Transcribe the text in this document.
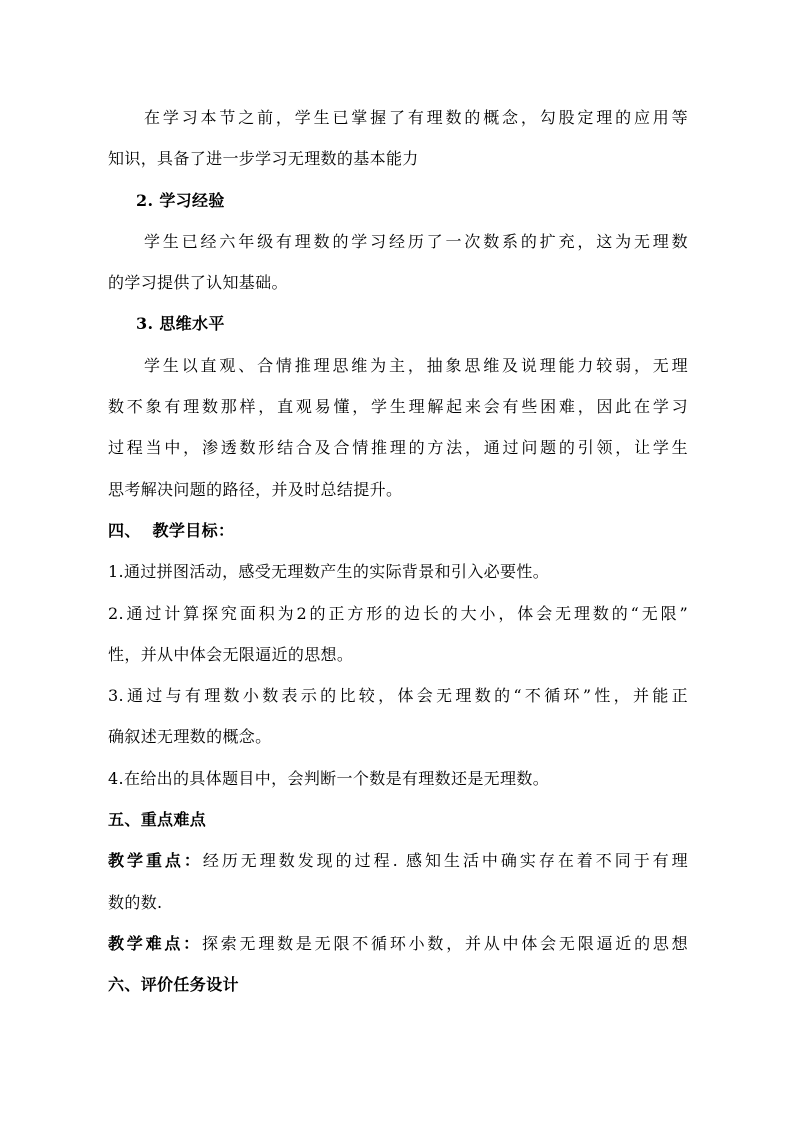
在学习本节之前，学生已掌握了有理数的概念，勾股定理的应用等
知识，具备了进一步学习无理数的基本能力
2. 学习经验
学生已经六年级有理数的学习经历了一次数系的扩充，这为无理数
的学习提供了认知基础。
3. 思维水平
学生以直观、合情推理思维为主，抽象思维及说理能力较弱，无理
数不象有理数那样，直观易懂，学生理解起来会有些困难，因此在学习
过程当中，渗透数形结合及合情推理的方法，通过问题的引领，让学生
思考解决问题的路径，并及时总结提升。
四、  教学目标：
1.通过拼图活动，感受无理数产生的实际背景和引入必要性。
2.通过计算探究面积为2的正方形的边长的大小，体会无理数的“无限”
性，并从中体会无限逼近的思想。
3.通过与有理数小数表示的比较，体会无理数的“不循环”性，并能正
确叙述无理数的概念。
4.在给出的具体题目中，会判断一个数是有理数还是无理数。
五、重点难点
教学重点：经历无理数发现的过程. 感知生活中确实存在着不同于有理
数的数.
教学难点：探索无理数是无限不循环小数，并从中体会无限逼近的思想
六、评价任务设计
